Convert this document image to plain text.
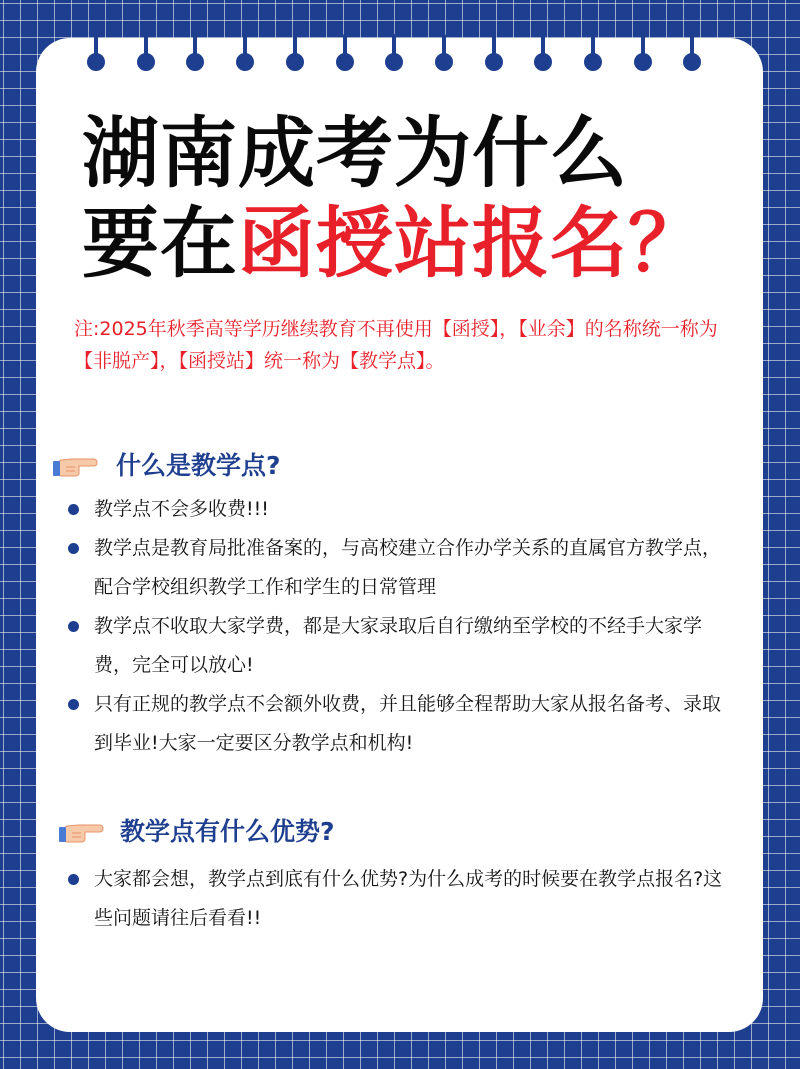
湖南成考为什么
要在函授站报名？
注:2025年秋季高等学历继续教育不再使用【函授】，【业余】的名称统一称为【非脱产】，【函授站】统一称为【教学点】。
什么是教学点?
教学点不会多收费!!!
教学点是教育局批准备案的，与高校建立合作办学关系的直属官方教学点，配合学校组织教学工作和学生的日常管理
教学点不收取大家学费，都是大家录取后自行缴纳至学校的不经手大家学费，完全可以放心!
只有正规的教学点不会额外收费，并且能够全程帮助大家从报名备考、录取到毕业!大家一定要区分教学点和机构!
教学点有什么优势?
大家都会想，教学点到底有什么优势?为什么成考的时候要在教学点报名?这些问题请往后看看!!
